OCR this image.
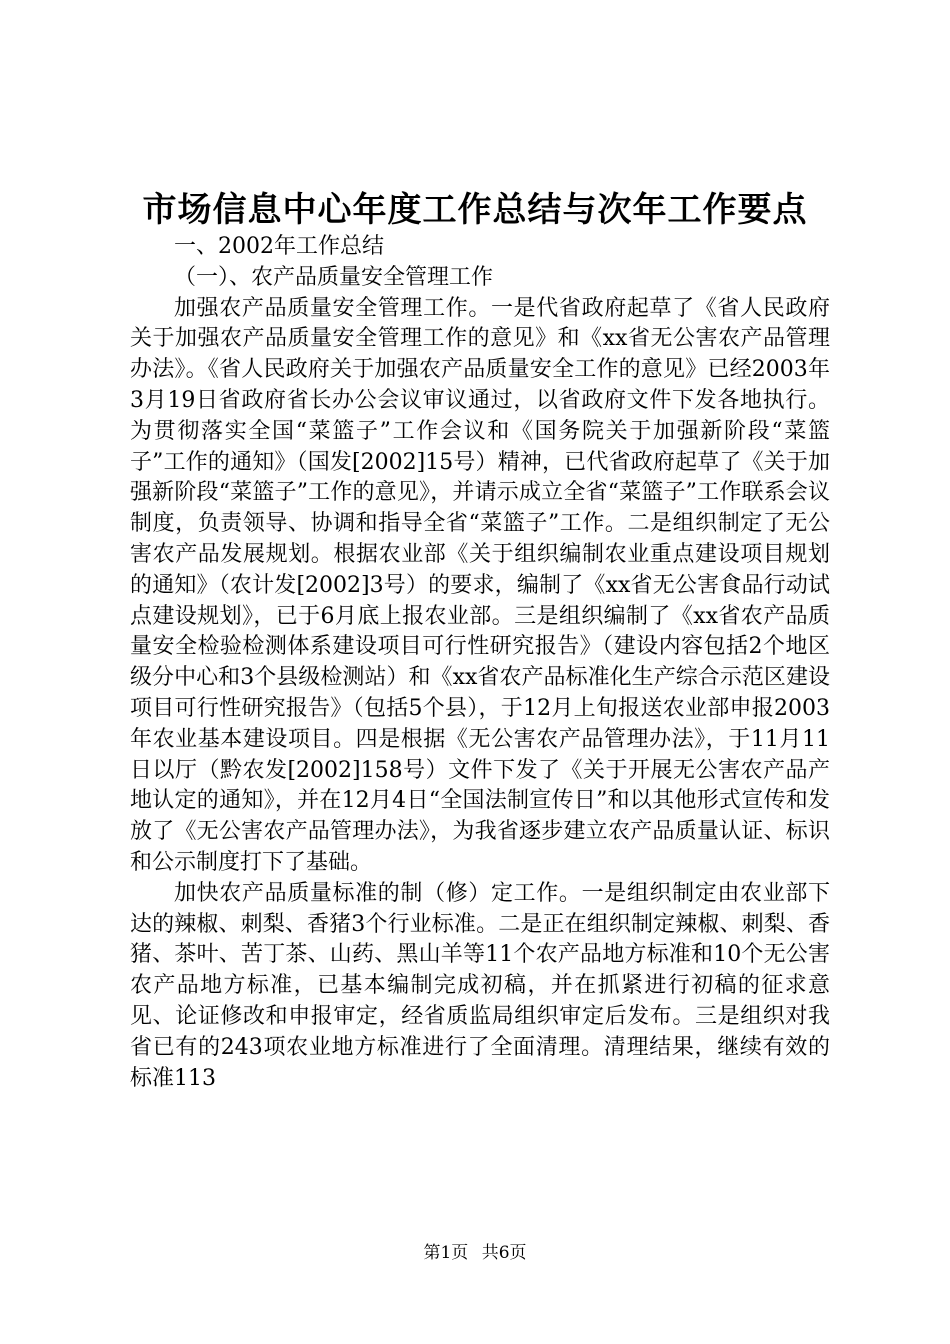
市场信息中心年度工作总结与次年工作要点

一、2002年工作总结

（一）、农产品质量安全管理工作

加强农产品质量安全管理工作。一是代省政府起草了《省人民政府关于加强农产品质量安全管理工作的意见》和《xx省无公害农产品管理办法》。《省人民政府关于加强农产品质量安全工作的意见》已经2003年3月19日省政府省长办公会议审议通过，以省政府文件下发各地执行。为贯彻落实全国“菜篮子”工作会议和《国务院关于加强新阶段“菜篮子”工作的通知》（国发[2002]15号）精神，已代省政府起草了《关于加强新阶段“菜篮子”工作的意见》，并请示成立全省“菜篮子”工作联系会议制度，负责领导、协调和指导全省“菜篮子”工作。二是组织制定了无公害农产品发展规划。根据农业部《关于组织编制农业重点建设项目规划的通知》（农计发[2002]3号）的要求，编制了《xx省无公害食品行动试点建设规划》，已于6月底上报农业部。三是组织编制了《xx省农产品质量安全检验检测体系建设项目可行性研究报告》（建设内容包括2个地区级分中心和3个县级检测站）和《xx省农产品标准化生产综合示范区建设项目可行性研究报告》（包括5个县），于12月上旬报送农业部申报2003年农业基本建设项目。四是根据《无公害农产品管理办法》，于11月11日以厅（黔农发[2002]158号）文件下发了《关于开展无公害农产品产地认定的通知》，并在12月4日“全国法制宣传日”和以其他形式宣传和发放了《无公害农产品管理办法》，为我省逐步建立农产品质量认证、标识和公示制度打下了基础。

加快农产品质量标准的制（修）定工作。一是组织制定由农业部下达的辣椒、刺梨、香猪3个行业标准。二是正在组织制定辣椒、刺梨、香猪、茶叶、苦丁茶、山药、黑山羊等11个农产品地方标准和10个无公害农产品地方标准，已基本编制完成初稿，并在抓紧进行初稿的征求意见、论证修改和申报审定，经省质监局组织审定后发布。三是组织对我省已有的243项农业地方标准进行了全面清理。清理结果，继续有效的标准113

第1页 共6页
